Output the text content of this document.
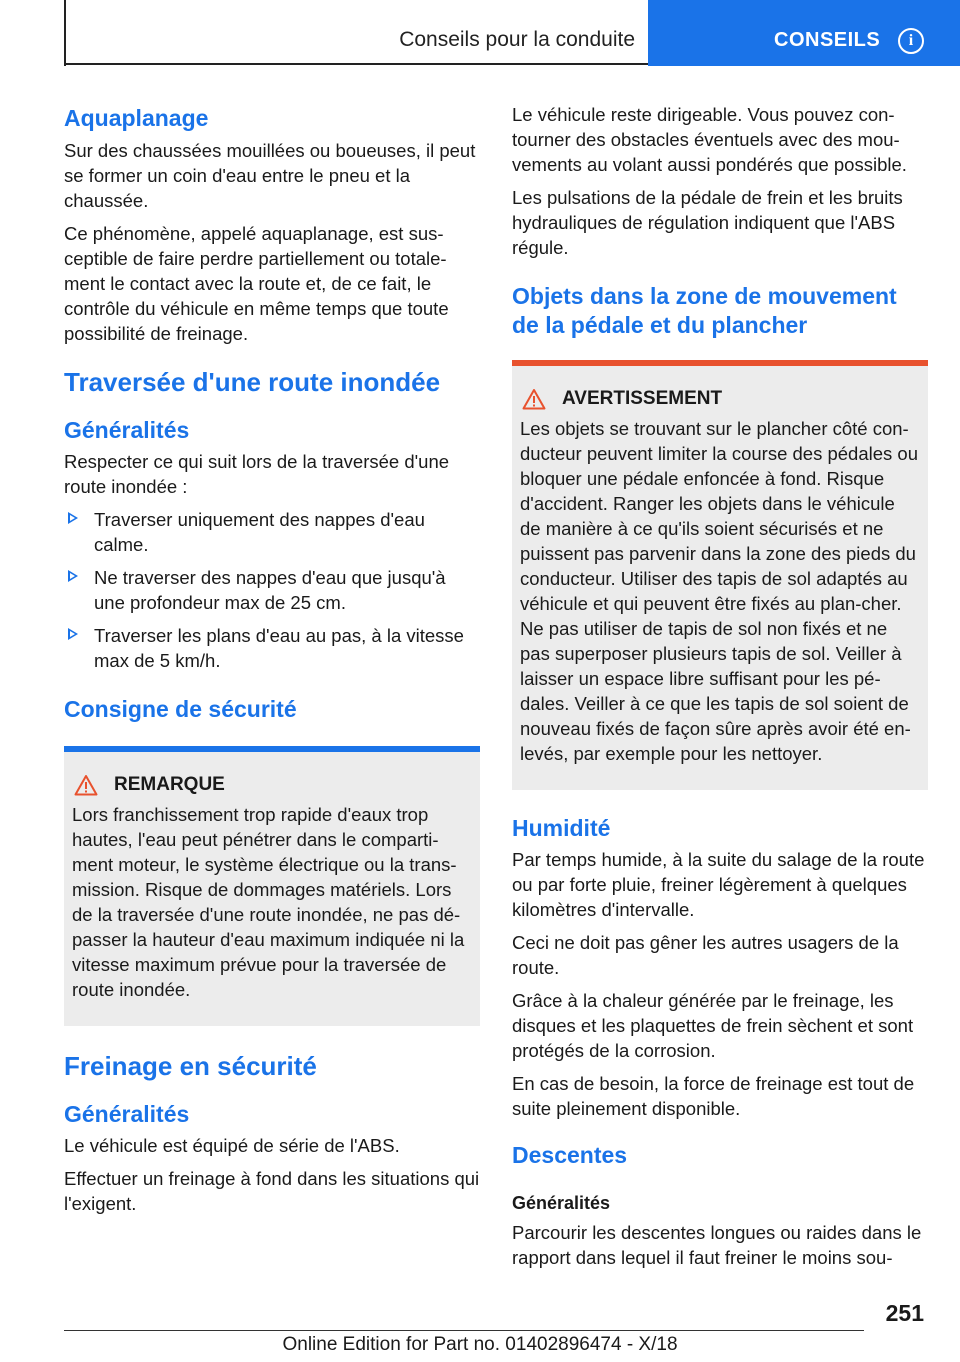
Conseils pour la conduite	CONSEILS	i
Aquaplanage

Sur des chaussées mouillées ou boueuses, il peut se former un coin d'eau entre le pneu et la chaussée.

Ce phénomène, appelé aquaplanage, est sus-ceptible de faire perdre partiellement ou totale-ment le contact avec la route et, de ce fait, le contrôle du véhicule en même temps que toute possibilité de freinage.

Traversée d'une route inondée
Généralités

Respecter ce qui suit lors de la traversée d'une route inondée :

Traverser uniquement des nappes d'eau calme.
Ne traverser des nappes d'eau que jusqu'à une profondeur max de 25 cm.
Traverser les plans d'eau au pas, à la vitesse max de 5 km/h.
Consigne de sécurité
REMARQUE
Lors franchissement trop rapide d'eaux trop hautes, l'eau peut pénétrer dans le comparti-ment moteur, le système électrique ou la trans-mission. Risque de dommages matériels. Lors de la traversée d'une route inondée, ne pas dé-passer la hauteur d'eau maximum indiquée ni la vitesse maximum prévue pour la traversée de route inondée.
Freinage en sécurité
Généralités

Le véhicule est équipé de série de l'ABS.

Effectuer un freinage à fond dans les situations qui l'exigent.

Le véhicule reste dirigeable. Vous pouvez con-tourner des obstacles éventuels avec des mou-vements au volant aussi pondérés que possible.

Les pulsations de la pédale de frein et les bruits hydrauliques de régulation indiquent que l'ABS régule.

Objets dans la zone de mouvement de la pédale et du plancher
AVERTISSEMENT
Les objets se trouvant sur le plancher côté con-ducteur peuvent limiter la course des pédales ou bloquer une pédale enfoncée à fond. Risque d'accident. Ranger les objets dans le véhicule de manière à ce qu'ils soient sécurisés et ne puissent pas parvenir dans la zone des pieds du conducteur. Utiliser des tapis de sol adaptés au véhicule et qui peuvent être fixés au plan-cher. Ne pas utiliser de tapis de sol non fixés et ne pas superposer plusieurs tapis de sol. Veiller à laisser un espace libre suffisant pour les pé-dales. Veiller à ce que les tapis de sol soient de nouveau fixés de façon sûre après avoir été en-levés, par exemple pour les nettoyer.
Humidité

Par temps humide, à la suite du salage de la route ou par forte pluie, freiner légèrement à quelques kilomètres d'intervalle.

Ceci ne doit pas gêner les autres usagers de la route.

Grâce à la chaleur générée par le freinage, les disques et les plaquettes de frein sèchent et sont protégés de la corrosion.

En cas de besoin, la force de freinage est tout de suite pleinement disponible.

Descentes
Généralités

Parcourir les descentes longues ou raides dans le rapport dans lequel il faut freiner le moins sou-

251
Online Edition for Part no. 01402896474 - X/18
